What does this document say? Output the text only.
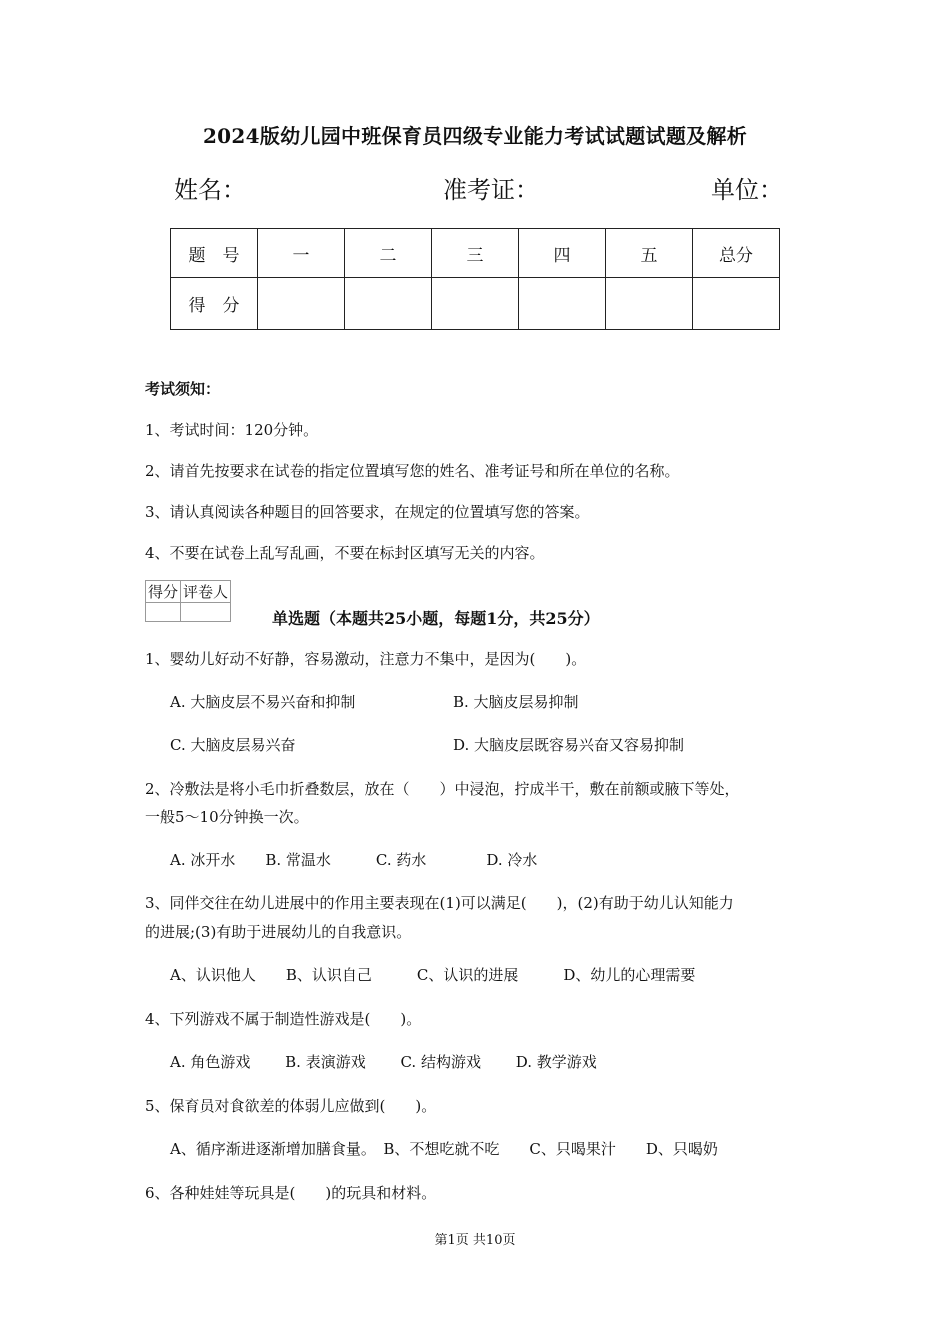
2024版幼儿园中班保育员四级专业能力考试试题试题及解析
姓名：	准考证：	单位：
题　号	一	二	三	四	五	总分
得　分						
考试须知：
1、考试时间：120分钟。
2、请首先按要求在试卷的指定位置填写您的姓名、准考证号和所在单位的名称。
3、请认真阅读各种题目的回答要求，在规定的位置填写您的答案。
4、不要在试卷上乱写乱画，不要在标封区填写无关的内容。
得分	评卷人

单选题（本题共25小题，每题1分，共25分）
1、婴幼儿好动不好静，容易激动，注意力不集中，是因为(　　)。
A. 大脑皮层不易兴奋和抑制	B. 大脑皮层易抑制
C. 大脑皮层易兴奋	D. 大脑皮层既容易兴奋又容易抑制
2、冷敷法是将小毛巾折叠数层，放在（　　）中浸泡，拧成半干，敷在前额或腋下等处，
一般5～10分钟换一次。
A. 冰开水　　B. 常温水　　　C. 药水　　　　D. 冷水
3、同伴交往在幼儿进展中的作用主要表现在(1)可以满足(　　)，(2)有助于幼儿认知能力
的进展;(3)有助于进展幼儿的自我意识。
A、认识他人　　B、认识自己　　　C、认识的进展　　　D、幼儿的心理需要
4、下列游戏不属于制造性游戏是(　　)。
A. 角色游戏　　 B. 表演游戏　　 C. 结构游戏　　 D. 教学游戏
5、保育员对食欲差的体弱儿应做到(　　)。
A、循序渐进逐渐增加膳食量。　B、不想吃就不吃　　C、只喝果汁　　D、只喝奶
6、各种娃娃等玩具是(　　)的玩具和材料。
第1页 共10页
